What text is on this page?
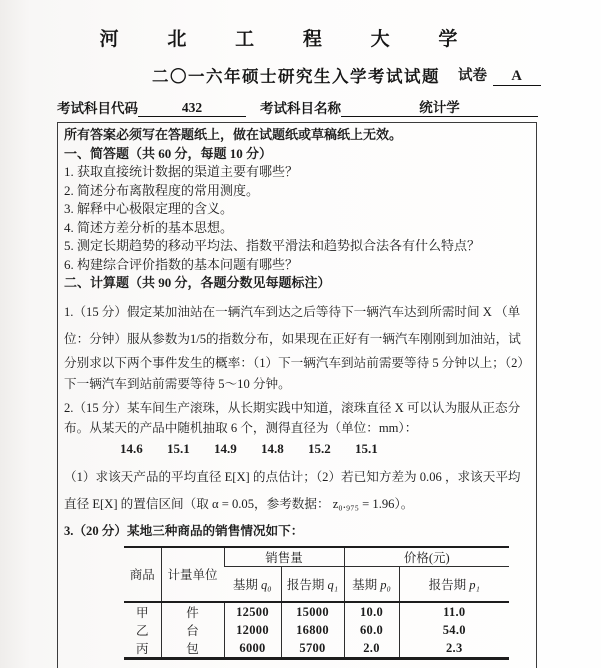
河 北 工 程 大 学
二〇一六年硕士研究生入学考试试题 试卷 A
考试科目代码	432	考试科目名称	统计学
所有答案必须写在答题纸上，做在试题纸或草稿纸上无效。
一、简答题（共 60 分，每题 10 分）
1. 获取直接统计数据的渠道主要有哪些？
2. 简述分布离散程度的常用测度。
3. 解释中心极限定理的含义。
4. 简述方差分析的基本思想。
5. 测定长期趋势的移动平均法、指数平滑法和趋势拟合法各有什么特点？
6. 构建综合评价指数的基本问题有哪些？
二、计算题（共 90 分，各题分数见每题标注）
1.（15 分）假定某加油站在一辆汽车到达之后等待下一辆汽车达到所需时间 X （单
位：分钟）服从参数为1/5的指数分布，如果现在正好有一辆汽车刚刚到加油站，试
分别求以下两个事件发生的概率：（1）下一辆汽车到站前需要等待 5 分钟以上；（2）
下一辆汽车到站前需要等待 5～10 分钟。
2.（15 分）某车间生产滚珠，从长期实践中知道，滚珠直径 X 可以认为服从正态分
布。从某天的产品中随机抽取 6 个，测得直径为（单位：mm）：
14.6 15.1 14.9 14.8 15.2 15.1
（1）求该天产品的平均直径 E[X] 的点估计；（2）若已知方差为 0.06 ，求该天平均
直径 E[X] 的置信区间（取 α = 0.05，参考数据： z₀.₉₇₅ = 1.96）。
3.（20 分）某地三种商品的销售情况如下：
商品	计量单位	销售量		价格(元)	
		基期 q₀	报告期 q₁	基期 p₀	报告期 p₁
甲	件	12500	15000	10.0	11.0
乙	台	12000	16800	60.0	54.0
丙	包	6000	5700	2.0	2.3
